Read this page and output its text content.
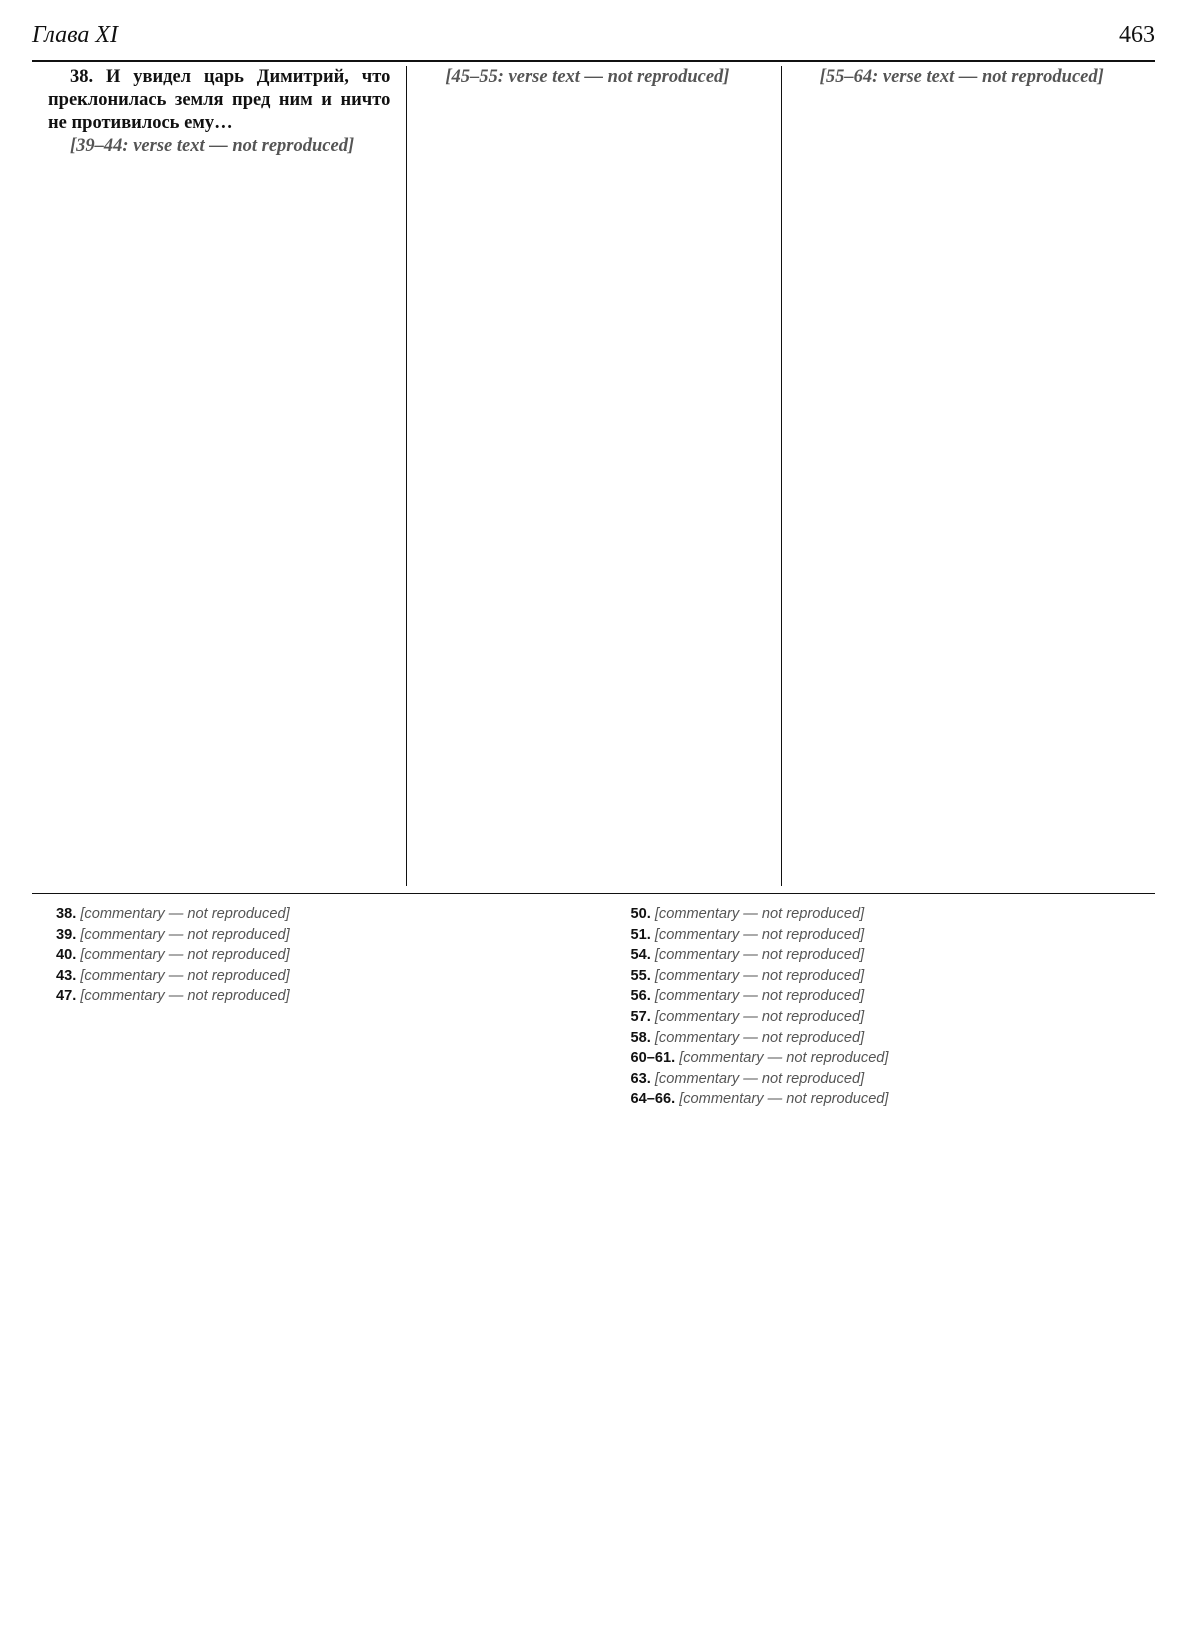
Глава XI	463

38. И увидел царь Димитрий, что преклонилась земля пред ним и ничто не противилось ему…

[39–44: verse text — not reproduced]

[45–55: verse text — not reproduced]	[55–64: verse text — not reproduced]

38. [commentary — not reproduced]

39. [commentary — not reproduced]

40. [commentary — not reproduced]

43. [commentary — not reproduced]

47. [commentary — not reproduced]

50. [commentary — not reproduced]

51. [commentary — not reproduced]

54. [commentary — not reproduced]

55. [commentary — not reproduced]

56. [commentary — not reproduced]

57. [commentary — not reproduced]

58. [commentary — not reproduced]

60–61. [commentary — not reproduced]

63. [commentary — not reproduced]

64–66. [commentary — not reproduced]
